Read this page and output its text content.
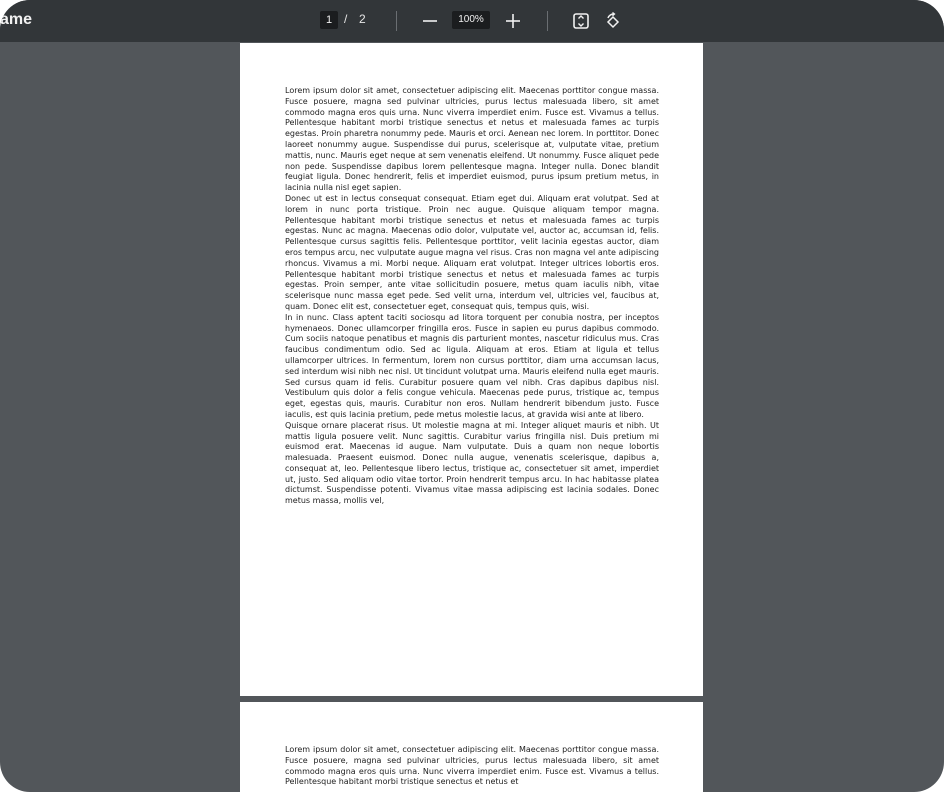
ame	1 / 2	100%

Lorem ipsum dolor sit amet, consectetuer adipiscing elit. Maecenas porttitor congue massa. Fusce posuere, magna sed pulvinar ultricies, purus lectus malesuada libero, sit amet commodo magna eros quis urna. Nunc viverra imperdiet enim. Fusce est. Vivamus a tellus. Pellentesque habitant morbi tristique senectus et netus et malesuada fames ac turpis egestas. Proin pharetra nonummy pede. Mauris et orci. Aenean nec lorem. In porttitor. Donec laoreet nonummy augue. Suspendisse dui purus, scelerisque at, vulputate vitae, pretium mattis, nunc. Mauris eget neque at sem venenatis eleifend. Ut nonummy. Fusce aliquet pede non pede. Suspendisse dapibus lorem pellentesque magna. Integer nulla. Donec blandit feugiat ligula. Donec hendrerit, felis et imperdiet euismod, purus ipsum pretium metus, in lacinia nulla nisl eget sapien.

Donec ut est in lectus consequat consequat. Etiam eget dui. Aliquam erat volutpat. Sed at lorem in nunc porta tristique. Proin nec augue. Quisque aliquam tempor magna. Pellentesque habitant morbi tristique senectus et netus et malesuada fames ac turpis egestas. Nunc ac magna. Maecenas odio dolor, vulputate vel, auctor ac, accumsan id, felis. Pellentesque cursus sagittis felis. Pellentesque porttitor, velit lacinia egestas auctor, diam eros tempus arcu, nec vulputate augue magna vel risus. Cras non magna vel ante adipiscing rhoncus. Vivamus a mi. Morbi neque. Aliquam erat volutpat. Integer ultrices lobortis eros. Pellentesque habitant morbi tristique senectus et netus et malesuada fames ac turpis egestas. Proin semper, ante vitae sollicitudin posuere, metus quam iaculis nibh, vitae scelerisque nunc massa eget pede. Sed velit urna, interdum vel, ultricies vel, faucibus at, quam. Donec elit est, consectetuer eget, consequat quis, tempus quis, wisi.

In in nunc. Class aptent taciti sociosqu ad litora torquent per conubia nostra, per inceptos hymenaeos. Donec ullamcorper fringilla eros. Fusce in sapien eu purus dapibus commodo. Cum sociis natoque penatibus et magnis dis parturient montes, nascetur ridiculus mus. Cras faucibus condimentum odio. Sed ac ligula. Aliquam at eros. Etiam at ligula et tellus ullamcorper ultrices. In fermentum, lorem non cursus porttitor, diam urna accumsan lacus, sed interdum wisi nibh nec nisl. Ut tincidunt volutpat urna. Mauris eleifend nulla eget mauris. Sed cursus quam id felis. Curabitur posuere quam vel nibh. Cras dapibus dapibus nisl. Vestibulum quis dolor a felis congue vehicula. Maecenas pede purus, tristique ac, tempus eget, egestas quis, mauris. Curabitur non eros. Nullam hendrerit bibendum justo. Fusce iaculis, est quis lacinia pretium, pede metus molestie lacus, at gravida wisi ante at libero.

Quisque ornare placerat risus. Ut molestie magna at mi. Integer aliquet mauris et nibh. Ut mattis ligula posuere velit. Nunc sagittis. Curabitur varius fringilla nisl. Duis pretium mi euismod erat. Maecenas id augue. Nam vulputate. Duis a quam non neque lobortis malesuada. Praesent euismod. Donec nulla augue, venenatis scelerisque, dapibus a, consequat at, leo. Pellentesque libero lectus, tristique ac, consectetuer sit amet, imperdiet ut, justo. Sed aliquam odio vitae tortor. Proin hendrerit tempus arcu. In hac habitasse platea dictumst. Suspendisse potenti. Vivamus vitae massa adipiscing est lacinia sodales. Donec metus massa, mollis vel,

Lorem ipsum dolor sit amet, consectetuer adipiscing elit. Maecenas porttitor congue massa. Fusce posuere, magna sed pulvinar ultricies, purus lectus malesuada libero, sit amet commodo magna eros quis urna. Nunc viverra imperdiet enim. Fusce est. Vivamus a tellus. Pellentesque habitant morbi tristique senectus et netus et
